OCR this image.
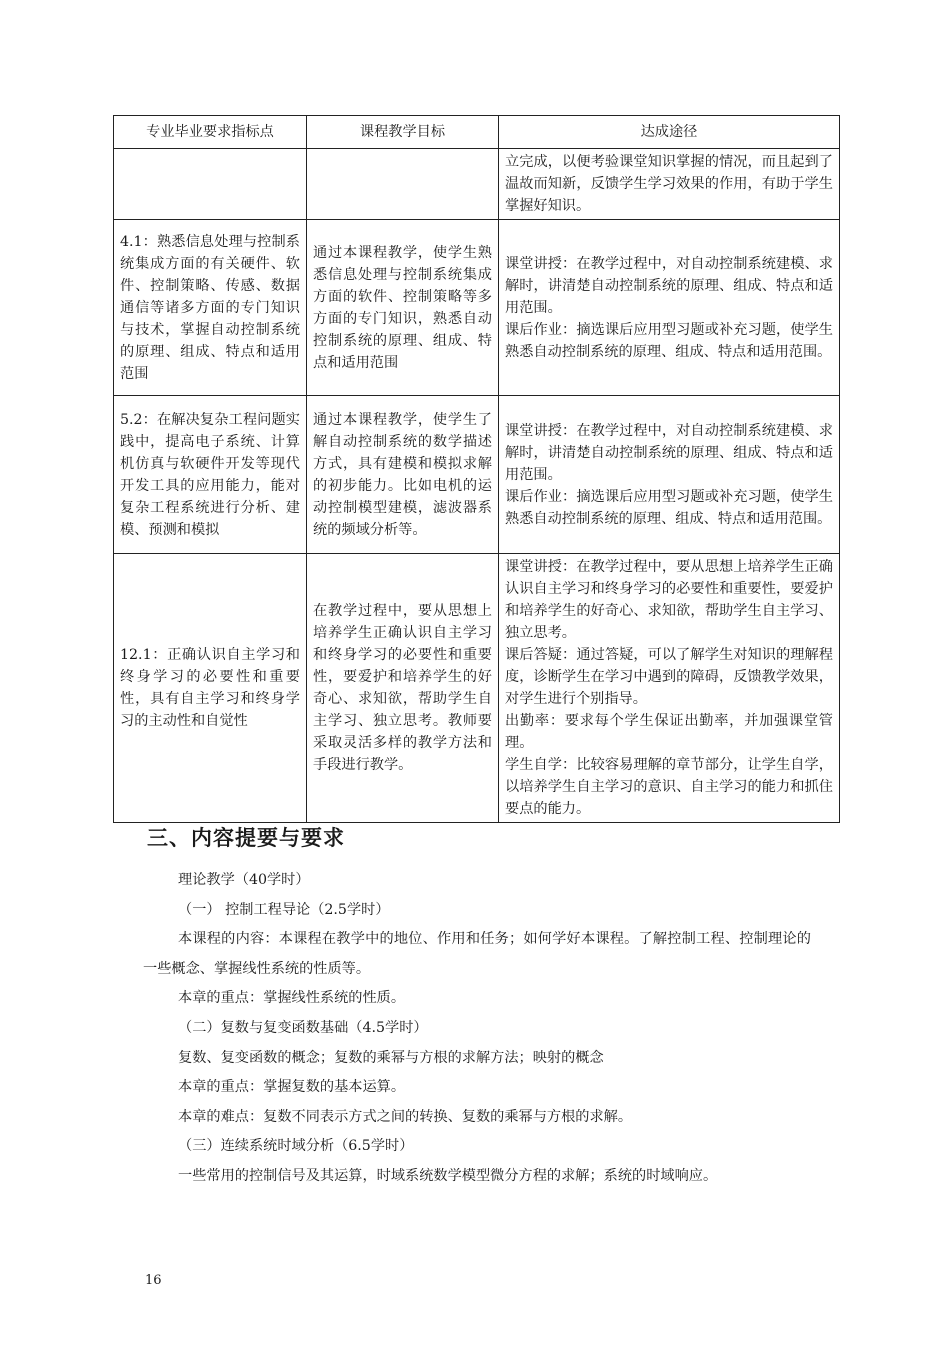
专业毕业要求指标点	课程教学目标	达成途径

		立完成，以便考验课堂知识掌握的情况，而且起到了温故而知新，反馈学生学习效果的作用，有助于学生掌握好知识。

4.1：熟悉信息处理与控制系统集成方面的有关硬件、软件、控制策略、传感、数据通信等诸多方面的专门知识与技术，掌握自动控制系统的原理、组成、特点和适用范围	通过本课程教学，使学生熟悉信息处理与控制系统集成方面的软件、控制策略等多方面的专门知识，熟悉自动控制系统的原理、组成、特点和适用范围	课堂讲授：在教学过程中，对自动控制系统建模、求解时，讲清楚自动控制系统的原理、组成、特点和适用范围。
课后作业：摘选课后应用型习题或补充习题，使学生熟悉自动控制系统的原理、组成、特点和适用范围。

5.2：在解决复杂工程问题实践中，提高电子系统、计算机仿真与软硬件开发等现代开发工具的应用能力，能对复杂工程系统进行分析、建模、预测和模拟	通过本课程教学，使学生了解自动控制系统的数学描述方式，具有建模和模拟求解的初步能力。比如电机的运动控制模型建模，滤波器系统的频域分析等。	课堂讲授：在教学过程中，对自动控制系统建模、求解时，讲清楚自动控制系统的原理、组成、特点和适用范围。
课后作业：摘选课后应用型习题或补充习题，使学生熟悉自动控制系统的原理、组成、特点和适用范围。

12.1：正确认识自主学习和终身学习的必要性和重要性，具有自主学习和终身学习的主动性和自觉性	在教学过程中，要从思想上培养学生正确认识自主学习和终身学习的必要性和重要性，要爱护和培养学生的好奇心、求知欲，帮助学生自主学习、独立思考。教师要采取灵活多样的教学方法和手段进行教学。	课堂讲授：在教学过程中，要从思想上培养学生正确认识自主学习和终身学习的必要性和重要性，要爱护和培养学生的好奇心、求知欲，帮助学生自主学习、独立思考。
课后答疑：通过答疑，可以了解学生对知识的理解程度，诊断学生在学习中遇到的障碍，反馈教学效果，对学生进行个别指导。
出勤率：要求每个学生保证出勤率，并加强课堂管理。
学生自学：比较容易理解的章节部分，让学生自学，以培养学生自主学习的意识、自主学习的能力和抓住要点的能力。
三、内容提要与要求

理论教学（40学时）

（一） 控制工程导论（2.5学时）

本课程的内容：本课程在教学中的地位、作用和任务；如何学好本课程。了解控制工程、控制理论的一些概念、掌握线性系统的性质等。

本章的重点：掌握线性系统的性质。

（二）复数与复变函数基础（4.5学时）

复数、复变函数的概念；复数的乘幂与方根的求解方法；映射的概念

本章的重点：掌握复数的基本运算。

本章的难点：复数不同表示方式之间的转换、复数的乘幂与方根的求解。

（三）连续系统时域分析（6.5学时）

一些常用的控制信号及其运算，时域系统数学模型微分方程的求解；系统的时域响应。

16
